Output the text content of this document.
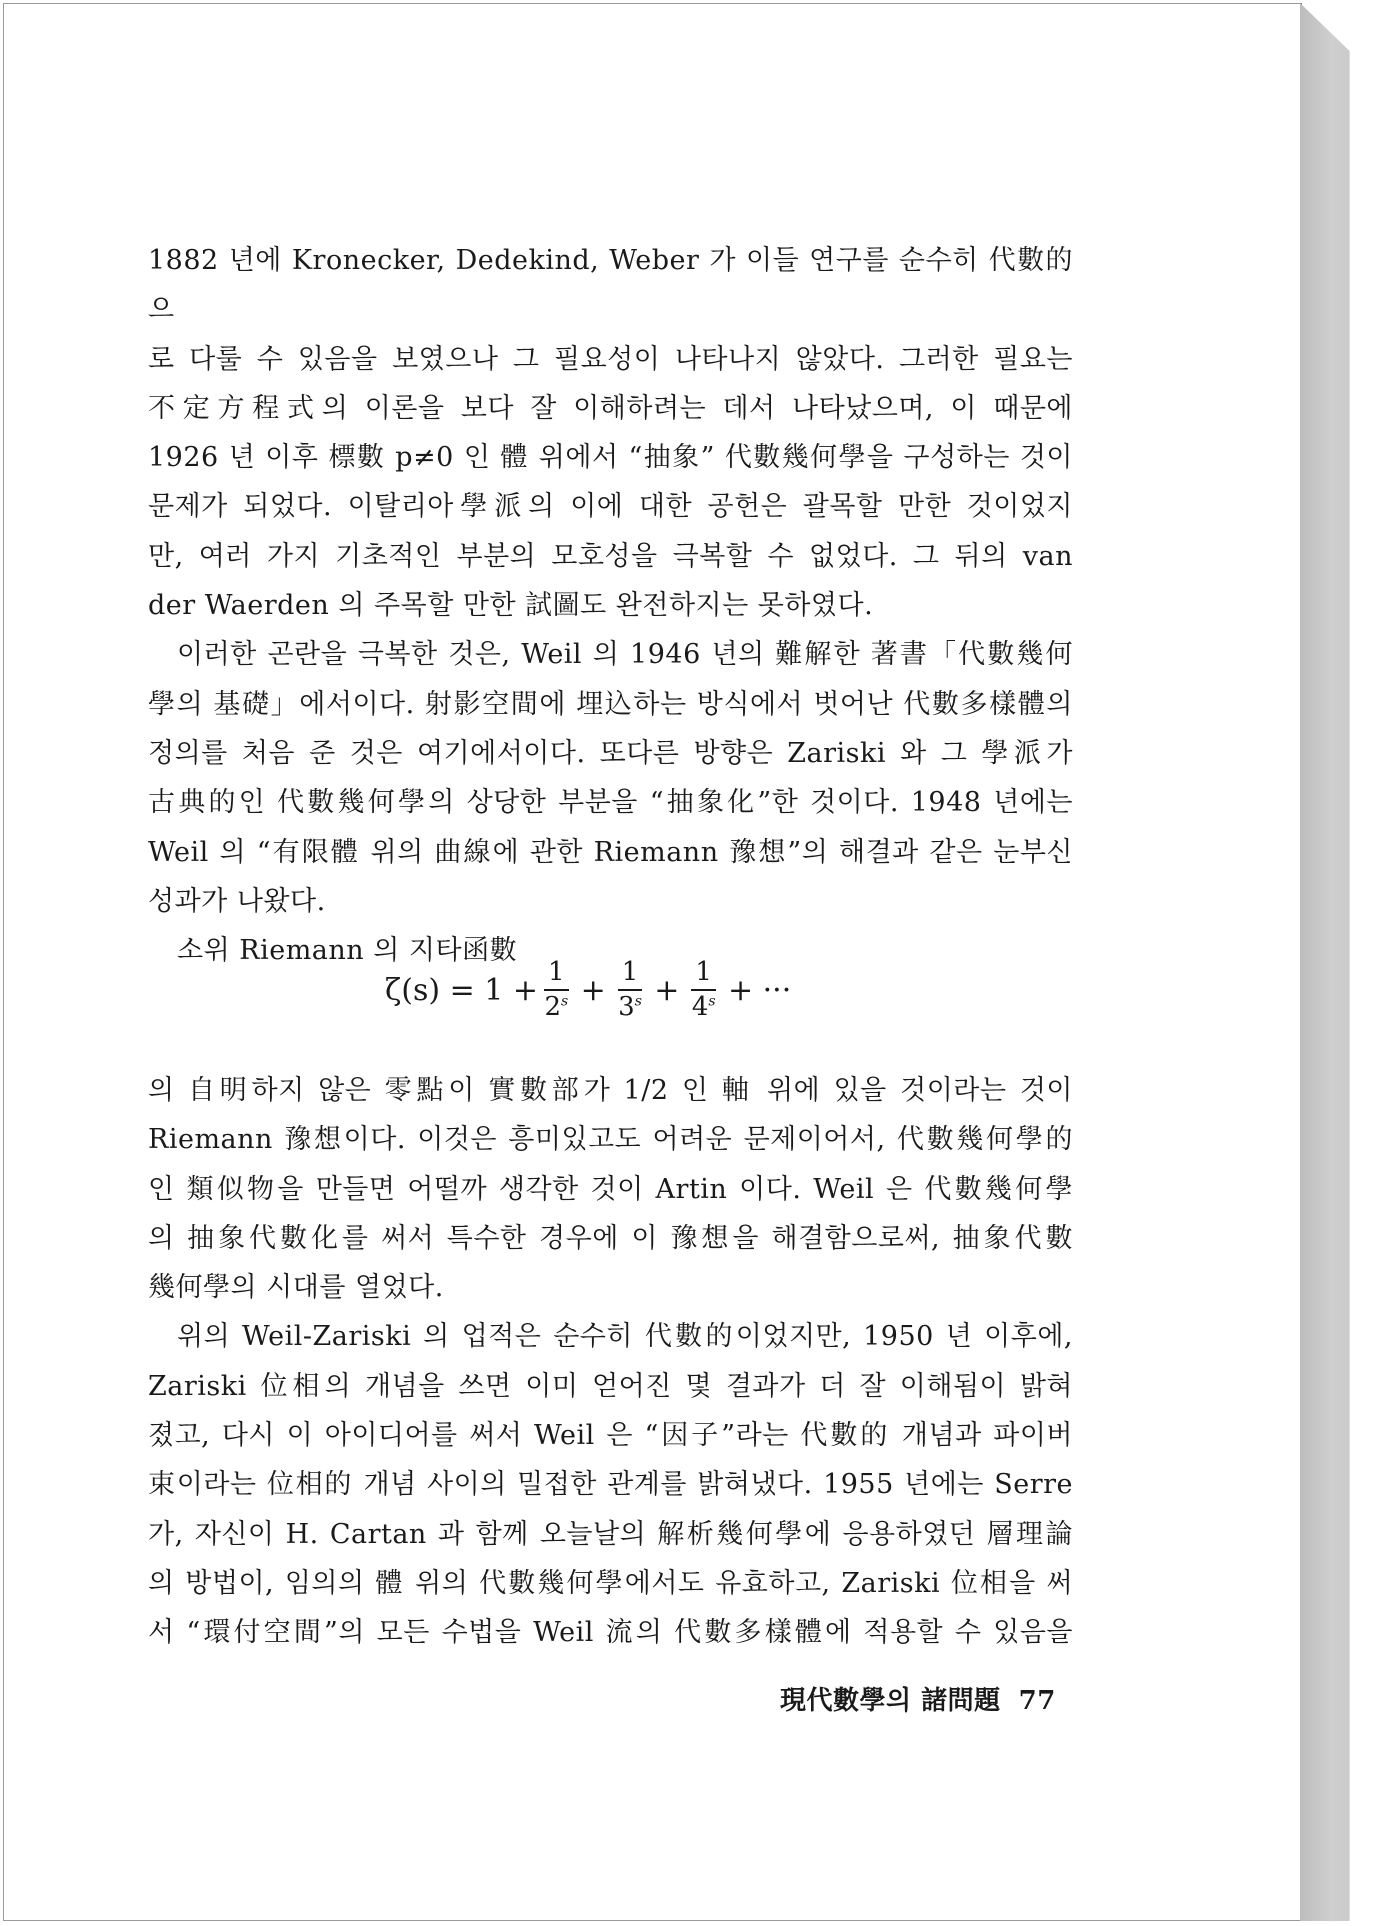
1882 년에 Kronecker, Dedekind, Weber 가 이들 연구를 순수히 代數的으

로 다룰 수 있음을 보였으나 그 필요성이 나타나지 않았다. 그러한 필요는

不定方程式의 이론을 보다 잘 이해하려는 데서 나타났으며, 이 때문에

1926 년 이후 標數 p≠0 인 體 위에서 “抽象” 代數幾何學을 구성하는 것이

문제가 되었다. 이탈리아學派의 이에 대한 공헌은 괄목할 만한 것이었지

만, 여러 가지 기초적인 부분의 모호성을 극복할 수 없었다. 그 뒤의 van

der Waerden 의 주목할 만한 試圖도 완전하지는 못하였다.

이러한 곤란을 극복한 것은, Weil 의 1946 년의 難解한 著書「代數幾何

學의 基礎」에서이다. 射影空間에 埋込하는 방식에서 벗어난 代數多樣體의

정의를 처음 준 것은 여기에서이다. 또다른 방향은 Zariski 와 그 學派가

古典的인 代數幾何學의 상당한 부분을 “抽象化”한 것이다. 1948 년에는

Weil 의 “有限體 위의 曲線에 관한 Riemann 豫想”의 해결과 같은 눈부신

성과가 나왔다.

소위 Riemann 의 지타函數

$\zeta(s) = 1 + \frac{1}{2^s} + \frac{1}{3^s} + \frac{1}{4^s}$ + ···

의 自明하지 않은 零點이 實數部가 1/2 인 軸 위에 있을 것이라는 것이

Riemann 豫想이다. 이것은 흥미있고도 어려운 문제이어서, 代數幾何學的

인 類似物을 만들면 어떨까 생각한 것이 Artin 이다. Weil 은 代數幾何學

의 抽象代數化를 써서 특수한 경우에 이 豫想을 해결함으로써, 抽象代數

幾何學의 시대를 열었다.

위의 Weil-Zariski 의 업적은 순수히 代數的이었지만, 1950 년 이후에,

Zariski 位相의 개념을 쓰면 이미 얻어진 몇 결과가 더 잘 이해됨이 밝혀

졌고, 다시 이 아이디어를 써서 Weil 은 “因子”라는 代數的 개념과 파이버

束이라는 位相的 개념 사이의 밀접한 관계를 밝혀냈다. 1955 년에는 Serre

가, 자신이 H. Cartan 과 함께 오늘날의 解析幾何學에 응용하였던 層理論

의 방법이, 임의의 體 위의 代數幾何學에서도 유효하고, Zariski 位相을 써

서 “環付空間”의 모든 수법을 Weil 流의 代數多樣體에 적용할 수 있음을

現代數學의 諸問題 77
